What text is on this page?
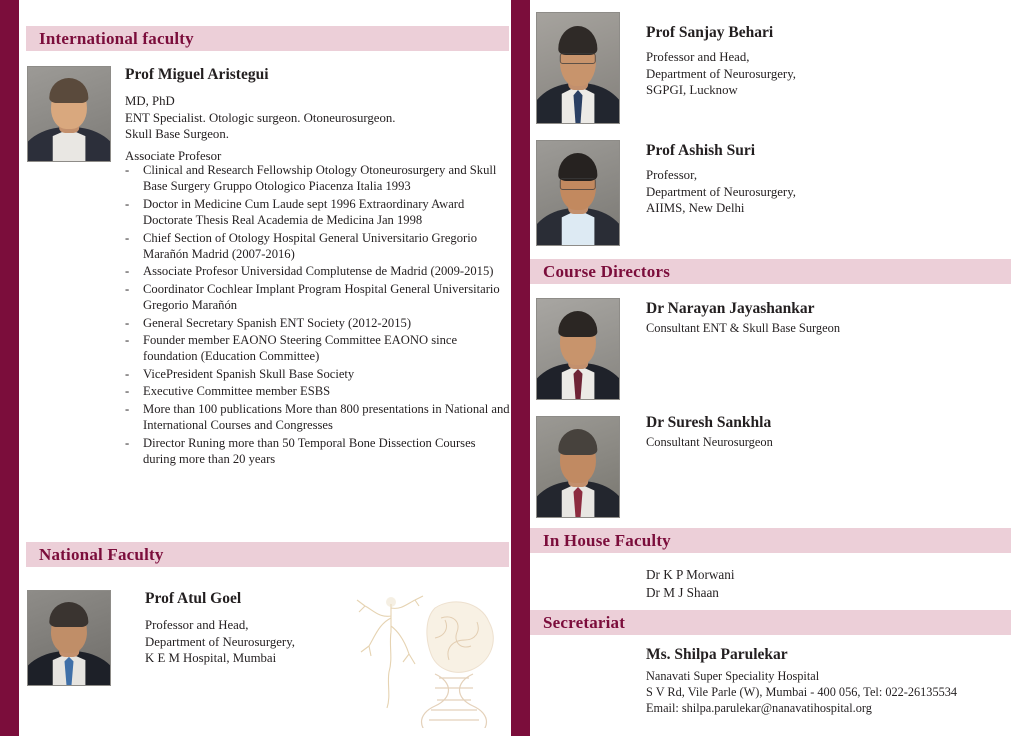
International faculty
Prof Miguel Aristegui
MD, PhD
ENT Specialist. Otologic surgeon. Otoneurosurgeon.
Skull Base Surgeon.
Associate Profesor
- Clinical and Research Fellowship Otology Otoneurosurgery and Skull Base Surgery Gruppo Otologico Piacenza Italia 1993
- Doctor in Medicine Cum Laude sept 1996 Extraordinary Award Doctorate Thesis Real Academia de Medicina Jan 1998
- Chief Section of Otology Hospital General Universitario Gregorio Marañón Madrid (2007-2016)
- Associate Profesor Universidad Complutense de Madrid (2009-2015)
- Coordinator Cochlear Implant Program Hospital General Universitario Gregorio Marañón
- General Secretary Spanish ENT Society (2012-2015)
- Founder member EAONO Steering Committee EAONO since foundation (Education Committee)
- VicePresident Spanish Skull Base Society
- Executive Committee member ESBS
- More than 100 publications More than 800 presentations in National and International Courses and Congresses
- Director Runing more than 50 Temporal Bone Dissection Courses during more than 20 years
National Faculty
Prof Atul Goel
Professor and Head,
Department of Neurosurgery,
K E M Hospital, Mumbai
Prof Sanjay Behari
Professor and Head,
Department of Neurosurgery,
SGPGI, Lucknow
Prof Ashish Suri
Professor,
Department of Neurosurgery,
AIIMS, New Delhi
Course Directors
Dr Narayan Jayashankar
Consultant ENT & Skull Base Surgeon
Dr Suresh Sankhla
Consultant Neurosurgeon
In House Faculty
Dr K P Morwani
Dr M J Shaan
Secretariat
Ms. Shilpa Parulekar
Nanavati Super Speciality Hospital
S V Rd, Vile Parle (W), Mumbai - 400 056, Tel: 022-26135534
Email: shilpa.parulekar@nanavatihospital.org
